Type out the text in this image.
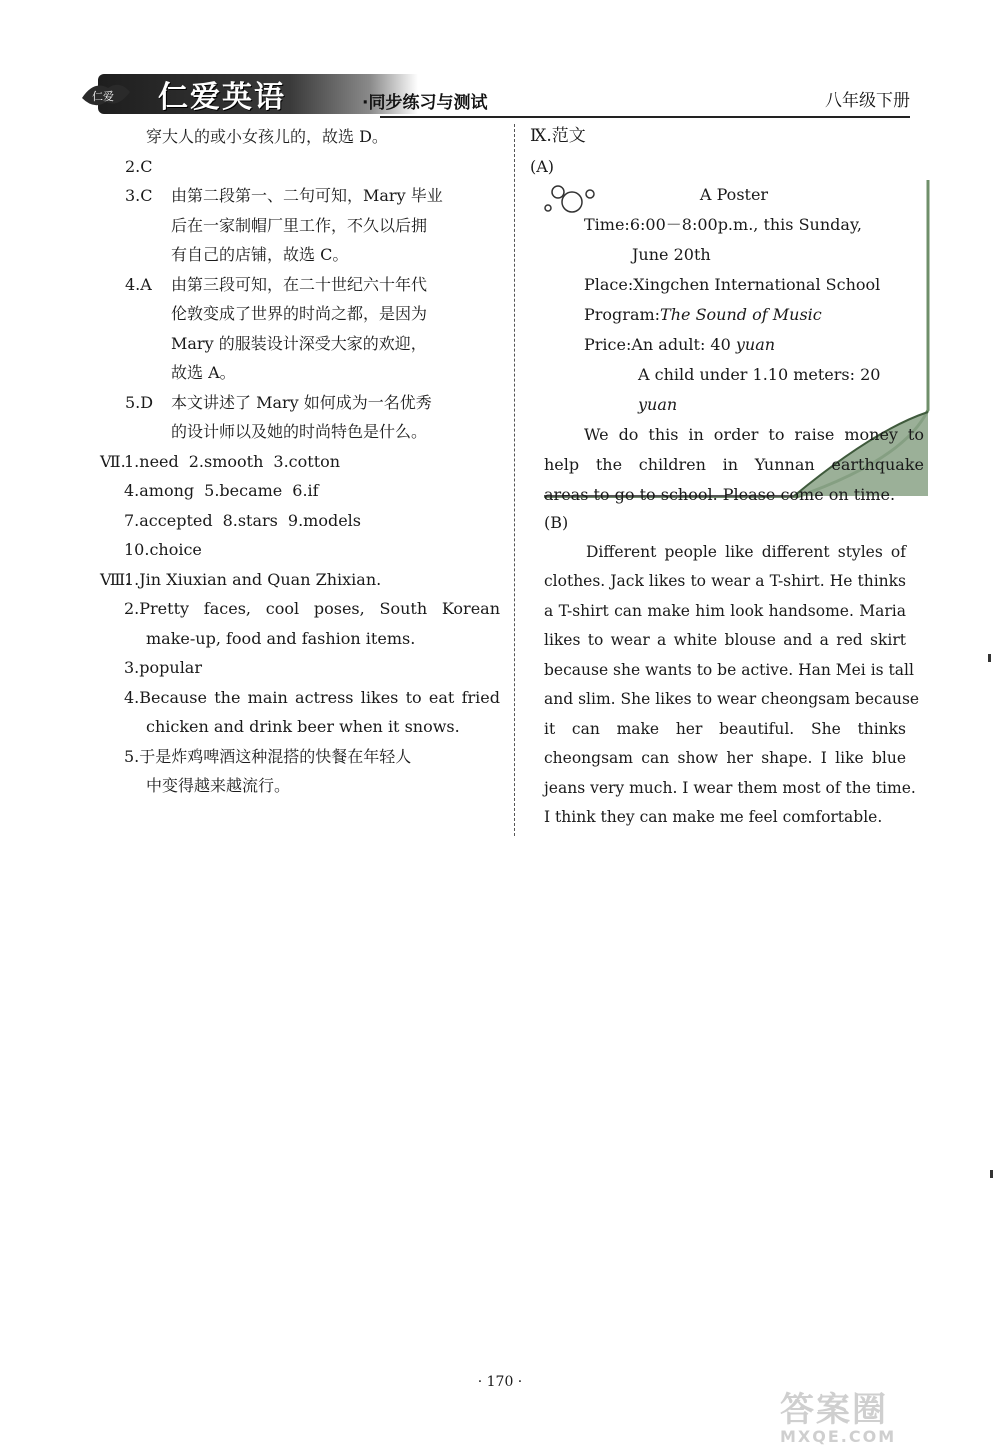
仁爱 仁爱英语	·同步练习与测试	八年级下册
穿大人的或小女孩儿的，故选 D。
2.C
3.C	由第二段第一、二句可知，Mary 毕业
后在一家制帽厂里工作，不久以后拥
有自己的店铺，故选 C。
4.A	由第三段可知，在二十世纪六十年代
伦敦变成了世界的时尚之都，是因为
Mary 的服装设计深受大家的欢迎，
故选 A。
5.D	本文讲述了 Mary 如何成为一名优秀
的设计师以及她的时尚特色是什么。
Ⅶ.
1.need 2.smooth 3.cotton
4.among 5.became 6.if
7.accepted 8.stars 9.models
10.choice
Ⅷ.
1.Jin Xiuxian and Quan Zhixian.
2.Pretty faces, cool poses, South Korean
make-up, food and fashion items.
3.popular
4.Because the main actress likes to eat fried
chicken and drink beer when it snows.
5.于是炸鸡啤酒这种混搭的快餐在年轻人
中变得越来越流行。
Ⅸ.范文
(A)
A Poster
Time:6:00－8:00p.m., this Sunday,
June 20th
Place:Xingchen International School
Program:The Sound of Music
Price:An adult: 40 yuan
A child under 1.10 meters: 20 yuan
We do this in order to raise money to
help the children in Yunnan earthquake
areas to go to school. Please come on time.
(B)
Different people like different styles of
clothes. Jack likes to wear a T-shirt. He thinks
a T-shirt can make him look handsome. Maria
likes to wear a white blouse and a red skirt
because she wants to be active. Han Mei is tall
and slim. She likes to wear cheongsam because
it can make her beautiful. She thinks
cheongsam can show her shape. I like blue
jeans very much. I wear them most of the time.
I think they can make me feel comfortable.
· 170 ·
答案圈
MXQE.COM
